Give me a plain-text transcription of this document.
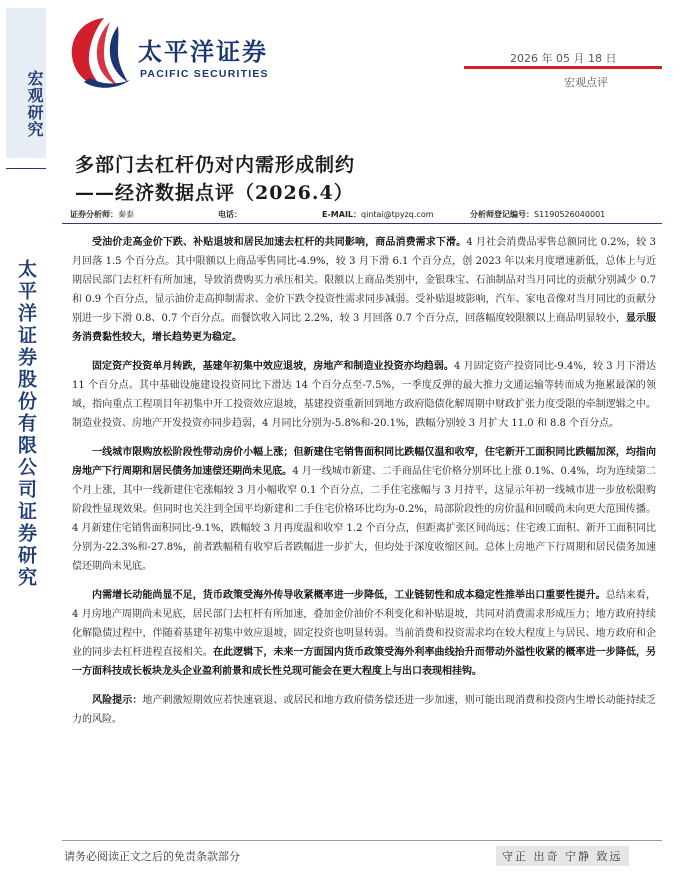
宏观研究
太平洋证券股份有限公司证券研究
太平洋证券
PACIFIC SECURITIES
2026 年 05 月 18 日
宏观点评
多部门去杠杆仍对内需形成制约
——经济数据点评（2026.4）
证券分析师：秦泰	电话：	E-MAIL：qintai@tpyzq.com	分析师登记编号：S1190526040001

受油价走高金价下跌、补贴退坡和居民加速去杠杆的共同影响，商品消费需求下滑。4 月社会消费品零售总额同比 0.2%，较 3 月回落 1.5 个百分点。其中限额以上商品零售同比-4.9%，较 3 月下滑 6.1 个百分点，创 2023 年以来月度增速新低，总体上与近期居民部门去杠杆有所加速，导致消费购买力承压相关。限额以上商品类别中，金银珠宝、石油制品对当月同比的贡献分别减少 0.7 和 0.9 个百分点，显示油价走高抑制需求、金价下跌令投资性需求同步减弱。受补贴退坡影响，汽车、家电音像对当月同比的贡献分别进一步下滑 0.8、0.7 个百分点。而餐饮收入同比 2.2%，较 3 月回落 0.7 个百分点，回落幅度较限额以上商品明显较小，显示服务消费黏性较大，增长趋势更为稳定。

固定资产投资单月转跌，基建年初集中效应退坡，房地产和制造业投资亦均趋弱。4 月固定资产投资同比-9.4%，较 3 月下滑达 11 个百分点。其中基础设施建设投资同比下滑达 14 个百分点至-7.5%，一季度反弹的最大推力文通运输等转而成为拖累最深的领域，指向重点工程项目年初集中开工投资效应退坡，基建投资重新回到地方政府隐债化解周期中财政扩张力度受限的牵制逻辑之中。制造业投资、房地产开发投资亦同步趋弱，4 月同比分别为-5.8%和-20.1%，跌幅分别较 3 月扩大 11.0 和 8.8 个百分点。

一线城市限购放松阶段性带动房价小幅上涨；但新建住宅销售面积同比跌幅仅温和收窄，住宅新开工面积同比跌幅加深，均指向房地产下行周期和居民债务加速偿还期尚未见底。4 月一线城市新建、二手商品住宅价格分别环比上涨 0.1%、0.4%，均为连续第二个月上涨，其中一线新建住宅涨幅较 3 月小幅收窄 0.1 个百分点，二手住宅涨幅与 3 月持平，这显示年初一线城市进一步放松限购阶段性显现效果。但同时也关注到全国平均新建和二手住宅价格环比均为-0.2%，局部阶段性的房价温和回暖尚未向更大范围传播。4 月新建住宅销售面积同比-9.1%，跌幅较 3 月再度温和收窄 1.2 个百分点，但距离扩张区间尚远；住宅竣工面积、新开工面积同比分别为-22.3%和-27.8%，前者跌幅稍有收窄后者跌幅进一步扩大，但均处于深度收缩区间。总体上房地产下行周期和居民债务加速偿还期尚未见底。

内需增长动能尚显不足，货币政策受海外传导收紧概率进一步降低，工业链韧性和成本稳定性推举出口重要性提升。总结来看，4 月房地产周期尚未见底，居民部门去杠杆有所加速，叠加金价油价不利变化和补贴退坡，共同对消费需求形成压力；地方政府持续化解隐债过程中，伴随着基建年初集中效应退坡，固定投资也明显转弱。当前消费和投资需求均在较大程度上与居民、地方政府和企业的同步去杠杆进程直接相关。在此逻辑下，未来一方面国内货币政策受海外利率曲线抬升而带动外溢性收紧的概率进一步降低，另一方面科技成长板块龙头企业盈利前景和成长性兑现可能会在更大程度上与出口表现相挂钩。

风险提示：地产刺激短期效应若快速衰退、或居民和地方政府债务偿还进一步加速，则可能出现消费和投资内生增长动能持续乏力的风险。

请务必阅读正文之后的免责条款部分	守正 出奇 宁静 致远
